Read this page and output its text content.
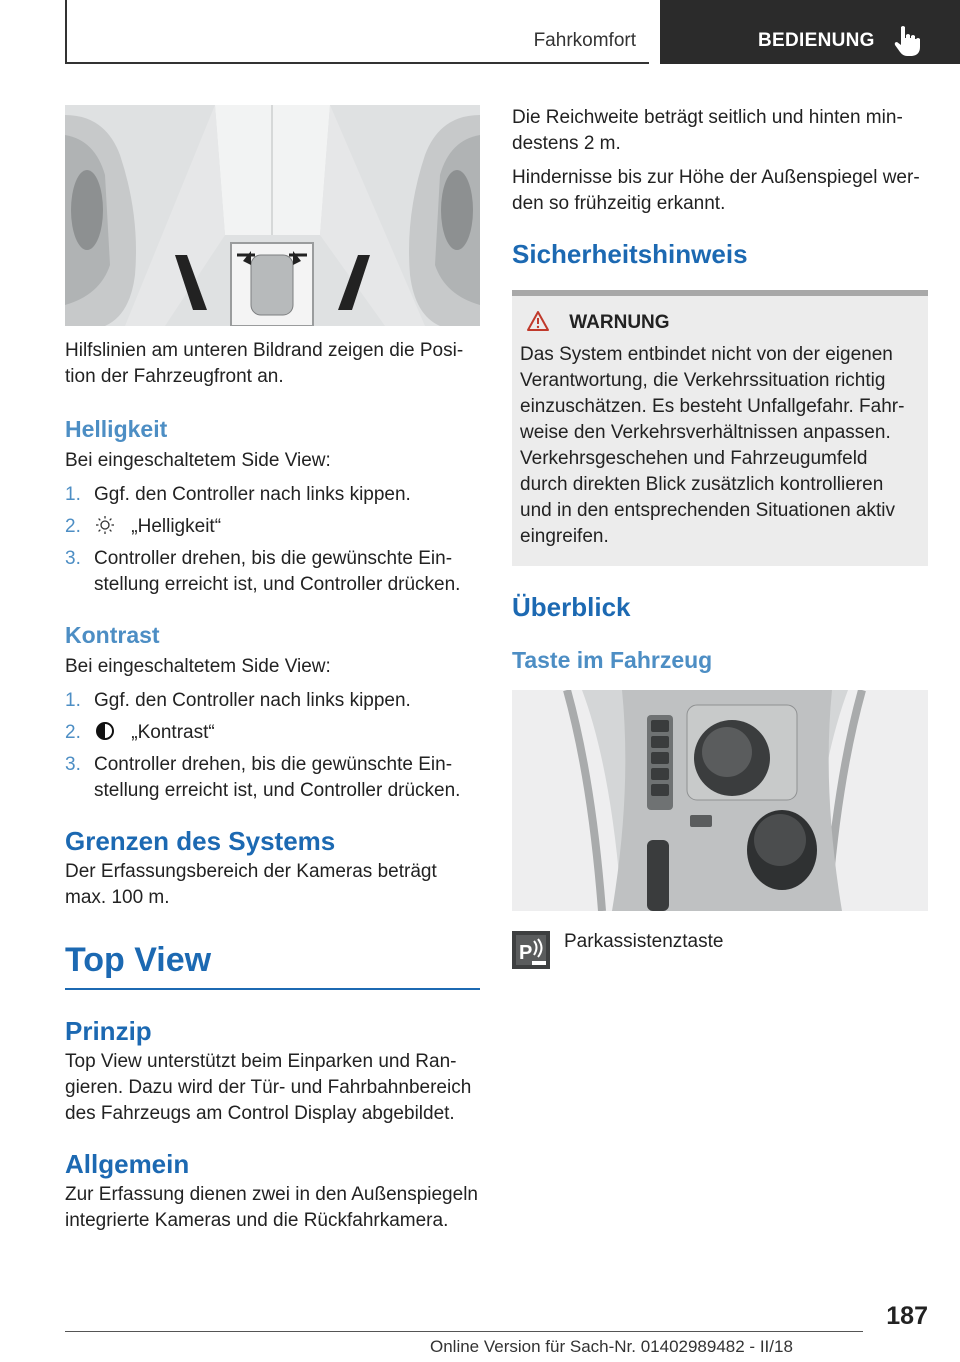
Fahrkomfort	BEDIENUNG

Hilfslinien am unteren Bildrand zeigen die Position der Fahrzeugfront an.

Helligkeit

Bei eingeschaltetem Side View:

1. Ggf. den Controller nach links kippen.
2.	„Helligkeit“
3. Controller drehen, bis die gewünschte Einstellung erreicht ist, und Controller drücken.
Kontrast

Bei eingeschaltetem Side View:

1. Ggf. den Controller nach links kippen.
2.	„Kontrast“
3. Controller drehen, bis die gewünschte Einstellung erreicht ist, und Controller drücken.
Grenzen des Systems

Der Erfassungsbereich der Kameras beträgt max. 100 m.

Top View
Prinzip

Top View unterstützt beim Einparken und Rangieren. Dazu wird der Tür- und Fahrbahnbereich des Fahrzeugs am Control Display abgebildet.

Allgemein

Zur Erfassung dienen zwei in den Außenspiegeln integrierte Kameras und die Rückfahrkamera.

Die Reichweite beträgt seitlich und hinten mindestens 2 m.

Hindernisse bis zur Höhe der Außenspiegel werden so frühzeitig erkannt.

Sicherheitshinweis
WARNUNG

Das System entbindet nicht von der eigenen Verantwortung, die Verkehrssituation richtig einzuschätzen. Es besteht Unfallgefahr. Fahrweise den Verkehrsverhältnissen anpassen. Verkehrsgeschehen und Fahrzeugumfeld durch direkten Blick zusätzlich kontrollieren und in den entsprechenden Situationen aktiv eingreifen.

Überblick
Taste im Fahrzeug
P
Parkassistenztaste
187
Online Version für Sach-Nr. 01402989482 - II/18
